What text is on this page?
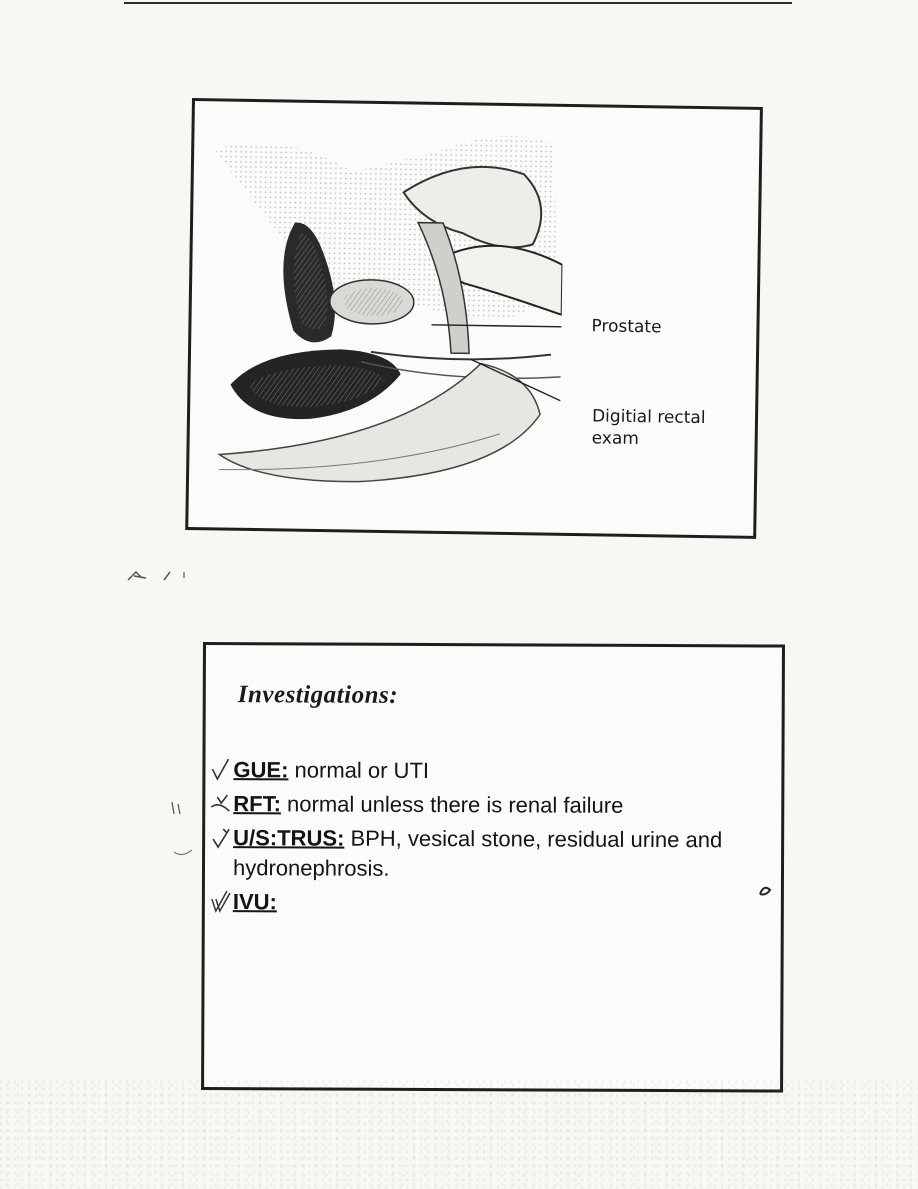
Prostate
Digitial rectal exam
Investigations:
GUE: normal or UTI
RFT: normal unless there is renal failure
U/S:TRUS: BPH, vesical stone, residual urine and hydronephrosis.
IVU:
